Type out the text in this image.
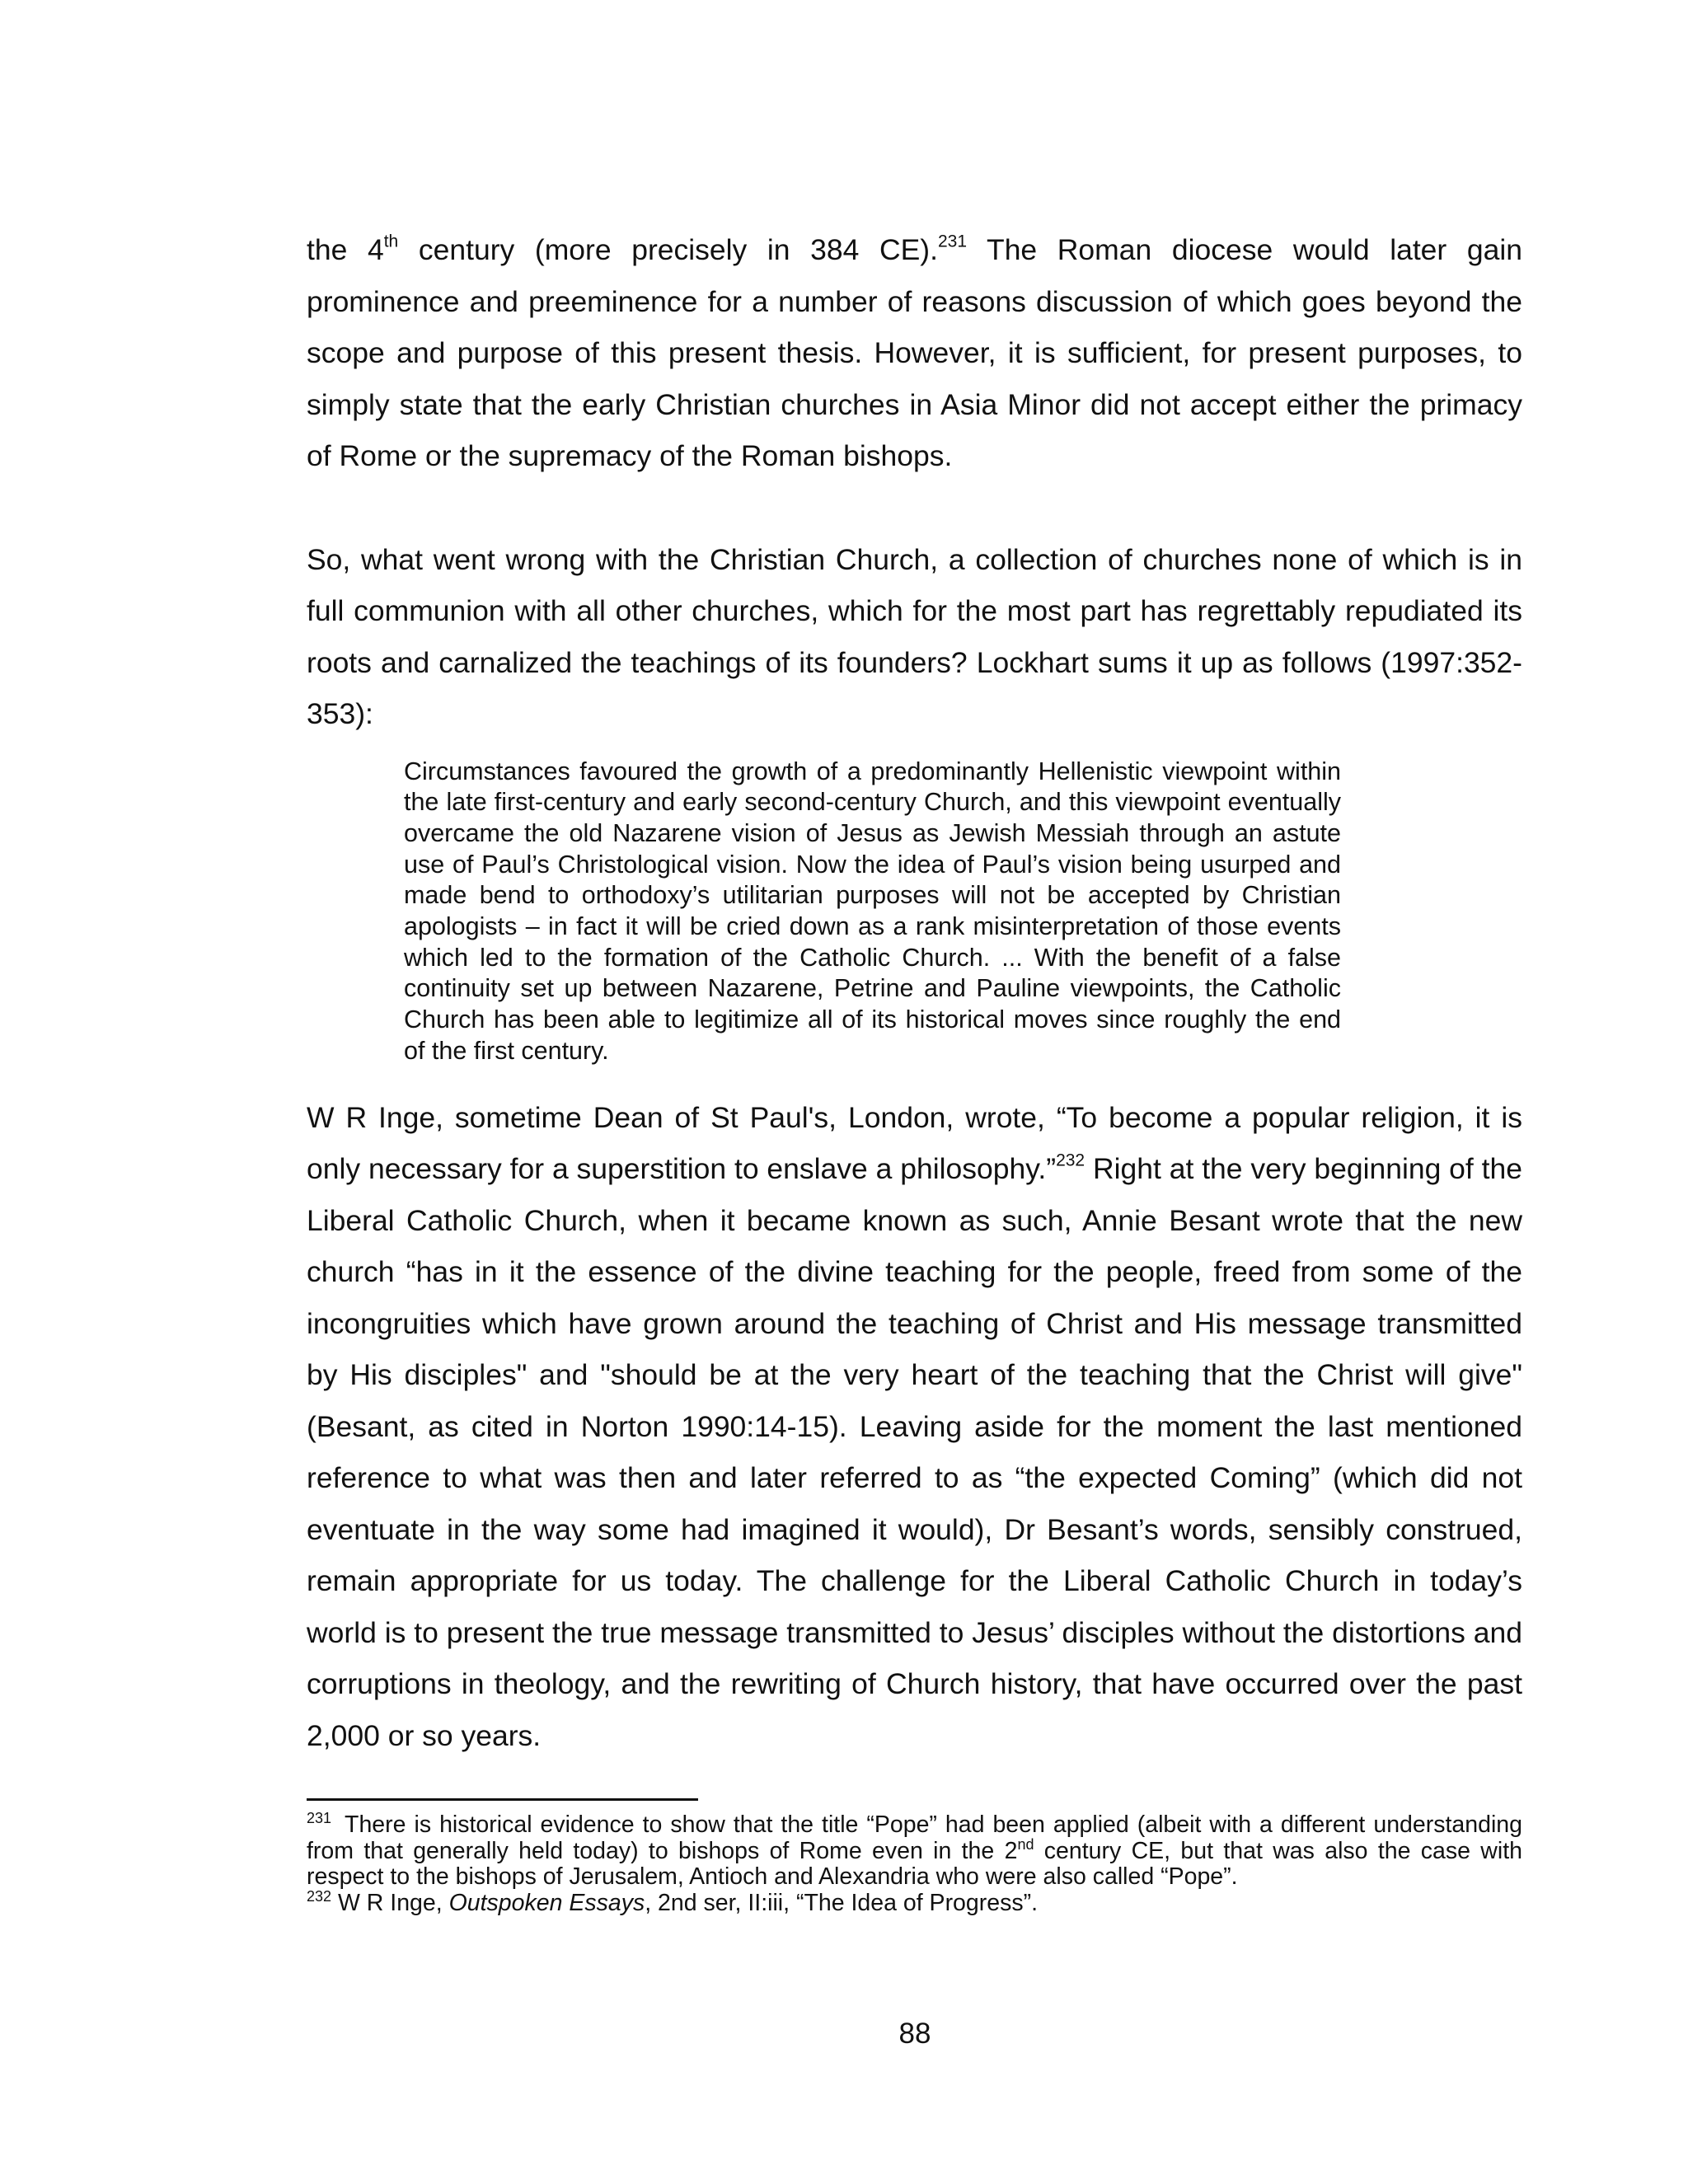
the 4th century (more precisely in 384 CE).$^{231}$ The Roman diocese would later gain prominence and preeminence for a number of reasons discussion of which goes beyond the scope and purpose of this present thesis. However, it is sufficient, for present purposes, to simply state that the early Christian churches in Asia Minor did not accept either the primacy of Rome or the supremacy of the Roman bishops.

So, what went wrong with the Christian Church, a collection of churches none of which is in full communion with all other churches, which for the most part has regrettably repudiated its roots and carnalized the teachings of its founders? Lockhart sums it up as follows (1997:352-353):

Circumstances favoured the growth of a predominantly Hellenistic viewpoint within the late first-century and early second-century Church, and this viewpoint eventually overcame the old Nazarene vision of Jesus as Jewish Messiah through an astute use of Paul’s Christological vision. Now the idea of Paul’s vision being usurped and made bend to orthodoxy’s utilitarian purposes will not be accepted by Christian apologists – in fact it will be cried down as a rank misinterpretation of those events which led to the formation of the Catholic Church. ... With the benefit of a false continuity set up between Nazarene, Petrine and Pauline viewpoints, the Catholic Church has been able to legitimize all of its historical moves since roughly the end of the first century.

W R Inge, sometime Dean of St Paul's, London, wrote, “To become a popular religion, it is only necessary for a superstition to enslave a philosophy.”$^{232}$ Right at the very beginning of the Liberal Catholic Church, when it became known as such, Annie Besant wrote that the new church “has in it the essence of the divine teaching for the people, freed from some of the incongruities which have grown around the teaching of Christ and His message transmitted by His disciples" and "should be at the very heart of the teaching that the Christ will give" (Besant, as cited in Norton 1990:14-15). Leaving aside for the moment the last mentioned reference to what was then and later referred to as “the expected Coming” (which did not eventuate in the way some had imagined it would), Dr Besant’s words, sensibly construed, remain appropriate for us today. The challenge for the Liberal Catholic Church in today’s world is to present the true message transmitted to Jesus’ disciples without the distortions and corruptions in theology, and the rewriting of Church history, that have occurred over the past 2,000 or so years.

$^{231}$ There is historical evidence to show that the title “Pope” had been applied (albeit with a different understanding from that generally held today) to bishops of Rome even in the 2nd century CE, but that was also the case with respect to the bishops of Jerusalem, Antioch and Alexandria who were also called “Pope”.

$^{232}$ W R Inge, Outspoken Essays, 2nd ser, II:iii, “The Idea of Progress”.

88
